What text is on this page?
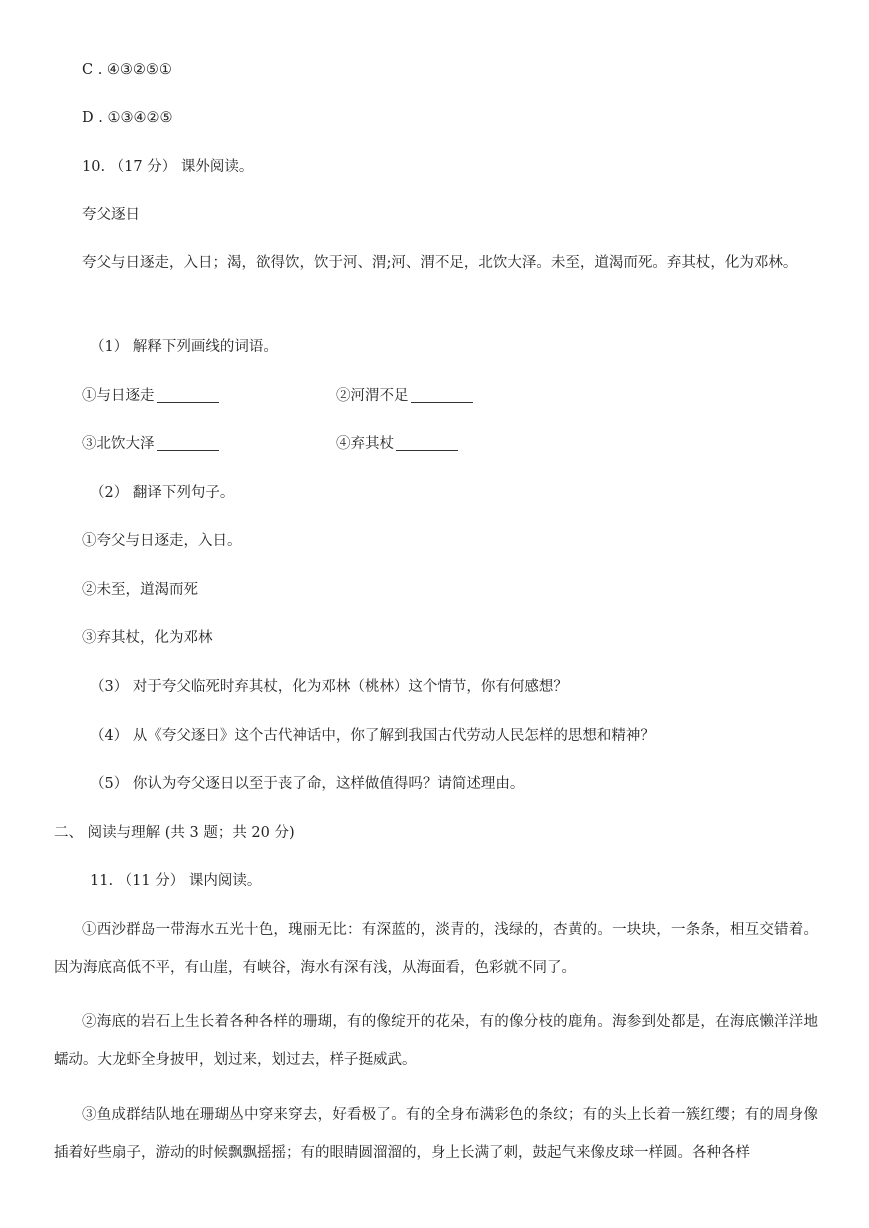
C . ④③②⑤①
D . ①③④②⑤
10. （17 分） 课外阅读。
夸父逐日
夸父与日逐走，入日；渴，欲得饮，饮于河、渭;河、渭不足，北饮大泽。未至，道渴而死。弃其杖，化为邓林。
（1） 解释下列画线的词语。
①与日逐走	②河渭不足
③北饮大泽	④弃其杖
（2） 翻译下列句子。
①夸父与日逐走，入日。
②未至，道渴而死
③弃其杖，化为邓林
（3） 对于夸父临死时弃其杖，化为邓林（桃林）这个情节，你有何感想？
（4） 从《夸父逐日》这个古代神话中，你了解到我国古代劳动人民怎样的思想和精神？
（5） 你认为夸父逐日以至于丧了命，这样做值得吗？请简述理由。
二、 阅读与理解 (共 3 题；共 20 分)
11. （11 分） 课内阅读。
①西沙群岛一带海水五光十色，瑰丽无比：有深蓝的，淡青的，浅绿的，杏黄的。一块块，一条条，相互交错着。因为海底高低不平，有山崖，有峡谷，海水有深有浅，从海面看，色彩就不同了。
②海底的岩石上生长着各种各样的珊瑚，有的像绽开的花朵，有的像分枝的鹿角。海参到处都是，在海底懒洋洋地蠕动。大龙虾全身披甲，划过来，划过去，样子挺威武。
③鱼成群结队地在珊瑚丛中穿来穿去，好看极了。有的全身布满彩色的条纹；有的头上长着一簇红缨；有的周身像插着好些扇子，游动的时候飘飘摇摇；有的眼睛圆溜溜的，身上长满了刺，鼓起气来像皮球一样圆。各种各样
